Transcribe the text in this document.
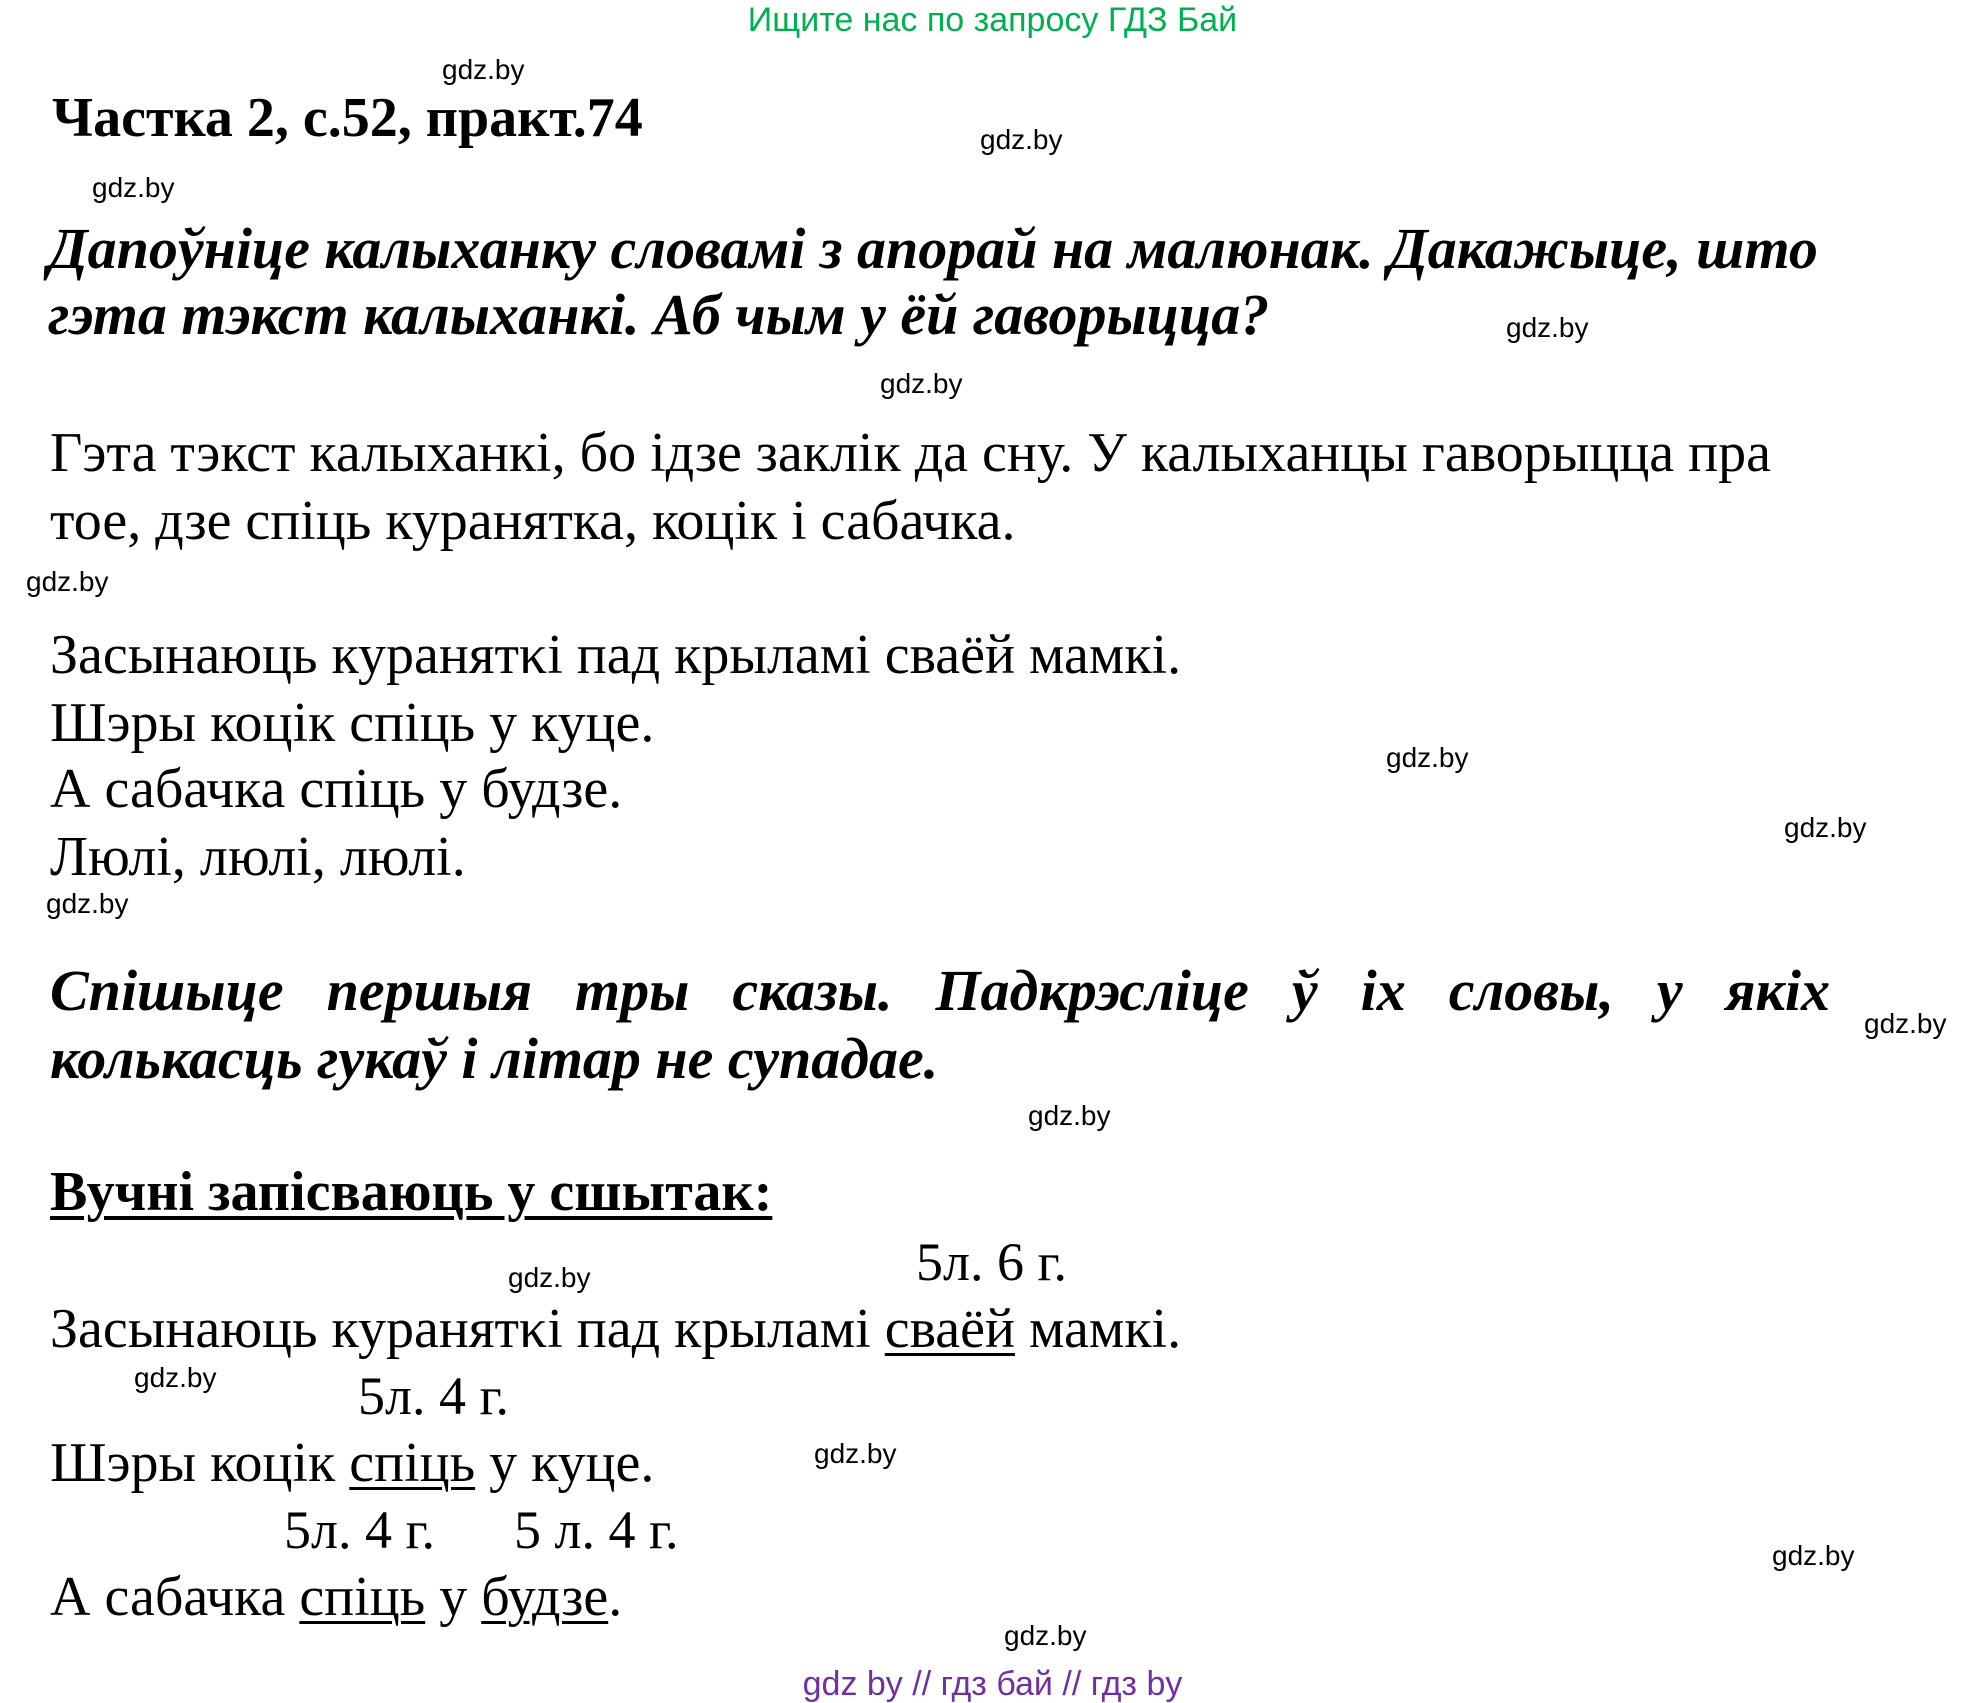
Ищите нас по запросу ГДЗ Бай
gdz.by
gdz.by
gdz.by
gdz.by
gdz.by
gdz.by
gdz.by
gdz.by
gdz.by
gdz.by
gdz.by
gdz.by
gdz.by
gdz.by
gdz.by
gdz.by
Частка 2, с.52, практ.74
Дапоўніце калыханку словамі з апорай на малюнак. Дакажыце, што
гэта тэкст калыханкі. Аб чым у ёй гаворыцца?
Гэта тэкст калыханкі, бо ідзе заклік да сну. У калыханцы гаворыцца пра
тое, дзе спіць куранятка, коцік і сабачка.
Засынаюць куранятκі пад крыламі сваёй мамкі.
Шэры коцік спіць у куце.
А сабачка спіць у будзе.
Люлі, люлі, люлі.
Спішыце першыя тры сказы. Падкрэсліце ў іх словы, у якіх
колькасць гукаў і літар не супадае.
Вучні запісваюць у сшытак:
5л. 6 г.
Засынаюць куранятκі пад крыламі сваёй мамкі.
5л. 4 г.
Шэры коцік спіць у куце.
5л. 4 г. 5 л. 4 г.
А сабачка спіць у будзе.
gdz by // гдз бай // гдз by
